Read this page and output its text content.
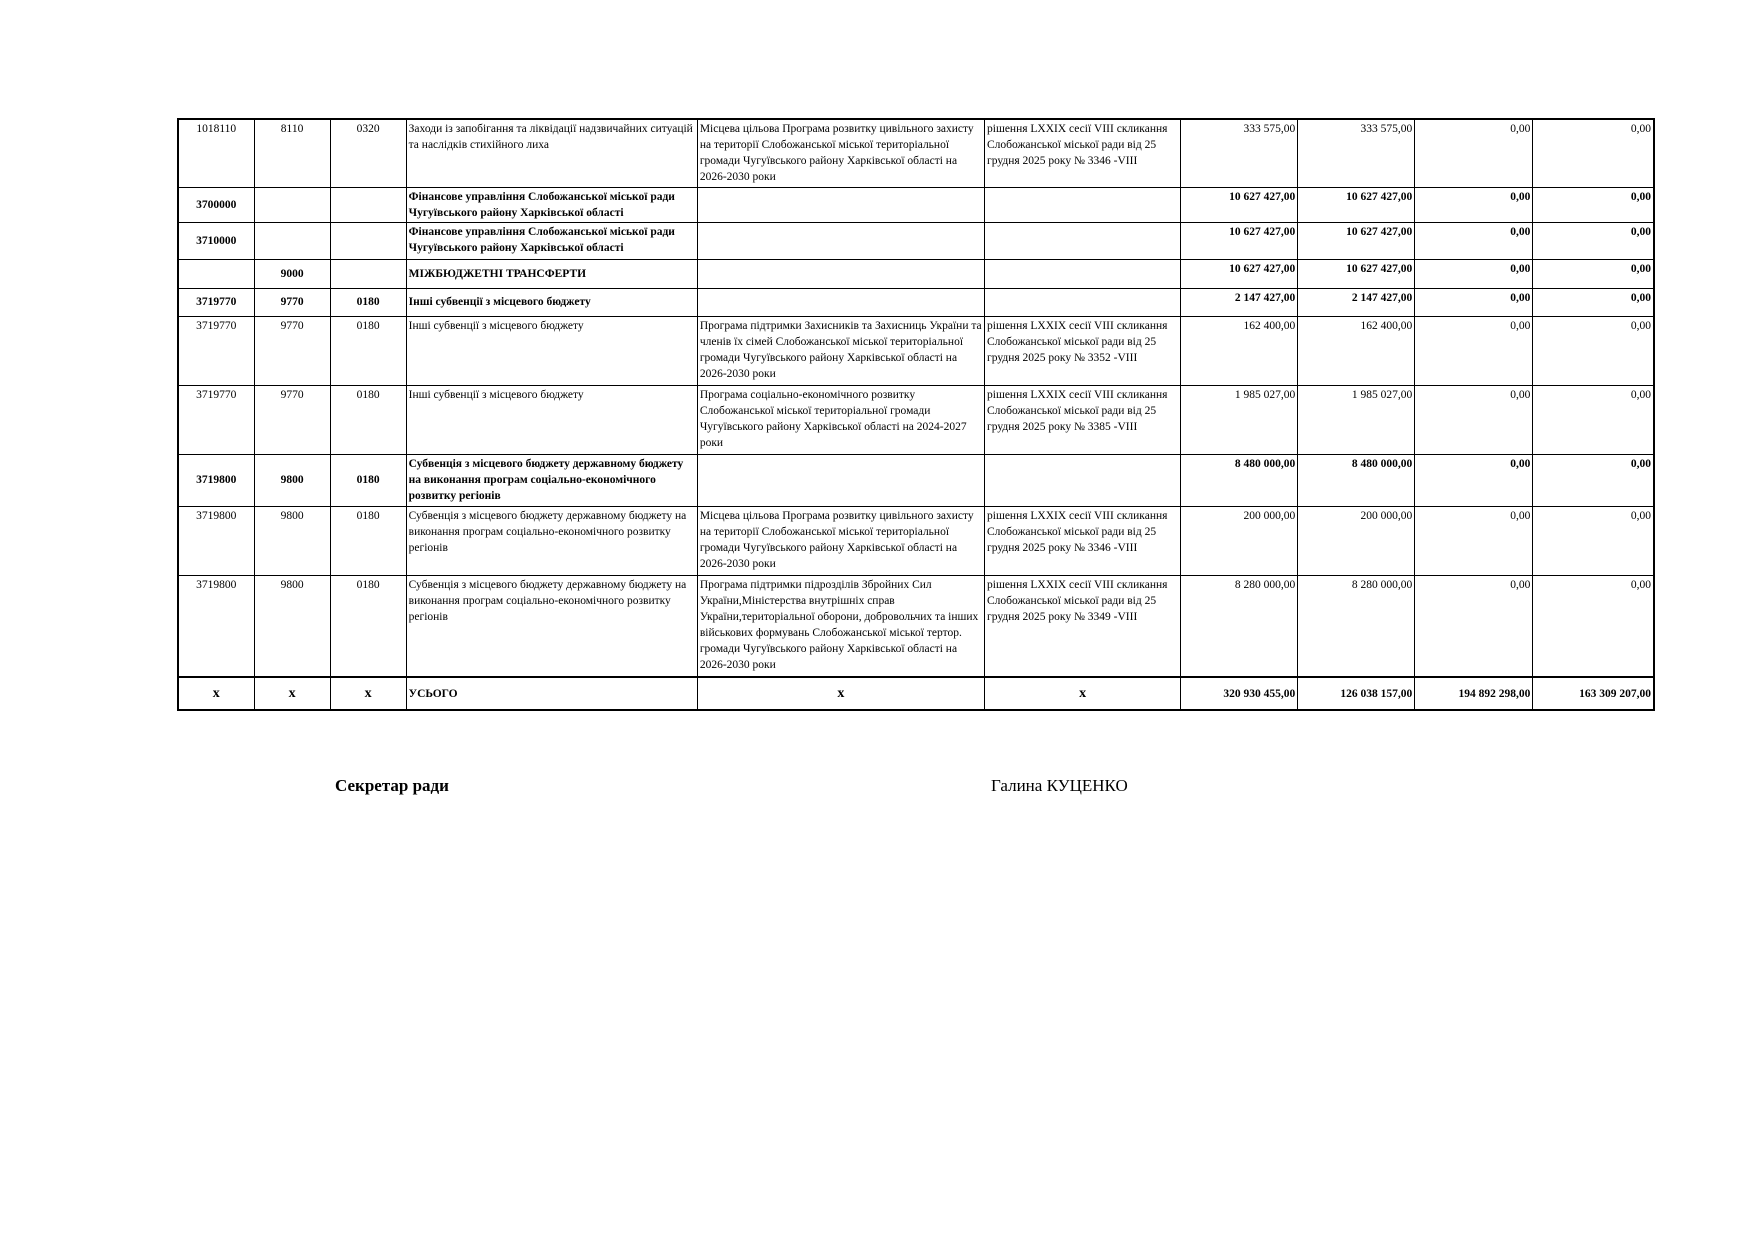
1018110	8110	0320	Заходи із запобігання та ліквідації надзвичайних ситуацій та наслідків стихійного лиха	Місцева цільова Програма розвитку цивільного захисту на території Слобожанської міської територіальної громади Чугуївського району Харківської області на 2026-2030 роки	рішення LXXIX сесії VIII скликання Слобожанської міської ради від 25 грудня 2025 року № 3346 -VIII	333 575,00	333 575,00	0,00	0,00
3700000			Фінансове управління Слобожанської міської ради Чугуївського району Харківської області			10 627 427,00	10 627 427,00	0,00	0,00
3710000			Фінансове управління Слобожанської міської ради Чугуївського району Харківської області			10 627 427,00	10 627 427,00	0,00	0,00
	9000		МІЖБЮДЖЕТНІ ТРАНСФЕРТИ			10 627 427,00	10 627 427,00	0,00	0,00
3719770	9770	0180	Інші субвенції з місцевого бюджету			2 147 427,00	2 147 427,00	0,00	0,00
3719770	9770	0180	Інші субвенції з місцевого бюджету	Програма підтримки Захисників та Захисниць України та членів їх сімей Слобожанської міської територіальної громади Чугуївського району Харківської області на 2026-2030 роки	рішення LXXIX сесії VIII скликання Слобожанської міської ради від 25 грудня 2025 року № 3352 -VIII	162 400,00	162 400,00	0,00	0,00
3719770	9770	0180	Інші субвенції з місцевого бюджету	Програма соціально-економічного розвитку Слобожанської міської територіальної громади Чугуївського району Харківської області на 2024-2027 роки	рішення LXXIX сесії VIII скликання Слобожанської міської ради від 25 грудня 2025 року № 3385 -VIII	1 985 027,00	1 985 027,00	0,00	0,00
3719800	9800	0180	Субвенція з місцевого бюджету державному бюджету на виконання програм соціально-економічного розвитку регіонів			8 480 000,00	8 480 000,00	0,00	0,00
3719800	9800	0180	Субвенція з місцевого бюджету державному бюджету на виконання програм соціально-економічного розвитку регіонів	Місцева цільова Програма розвитку цивільного захисту на території Слобожанської міської територіальної громади Чугуївського району Харківської області на 2026-2030 роки	рішення LXXIX сесії VIII скликання Слобожанської міської ради від 25 грудня 2025 року № 3346 -VIII	200 000,00	200 000,00	0,00	0,00
3719800	9800	0180	Субвенція з місцевого бюджету державному бюджету на виконання програм соціально-економічного розвитку регіонів	Програма підтримки підрозділів Збройних Сил України,Міністерства внутрішніх справ України,територіальної оборони, добровольчих та інших військових формувань Слобожанської міської тертор. громади Чугуївського району Харківської області на 2026-2030 роки	рішення LXXIX сесії VIII скликання Слобожанської міської ради від 25 грудня 2025 року № 3349 -VIII	8 280 000,00	8 280 000,00	0,00	0,00
x	x	x	УСЬОГО	x	x	320 930 455,00	126 038 157,00	194 892 298,00	163 309 207,00
Секретар ради	Галина КУЦЕНКО
